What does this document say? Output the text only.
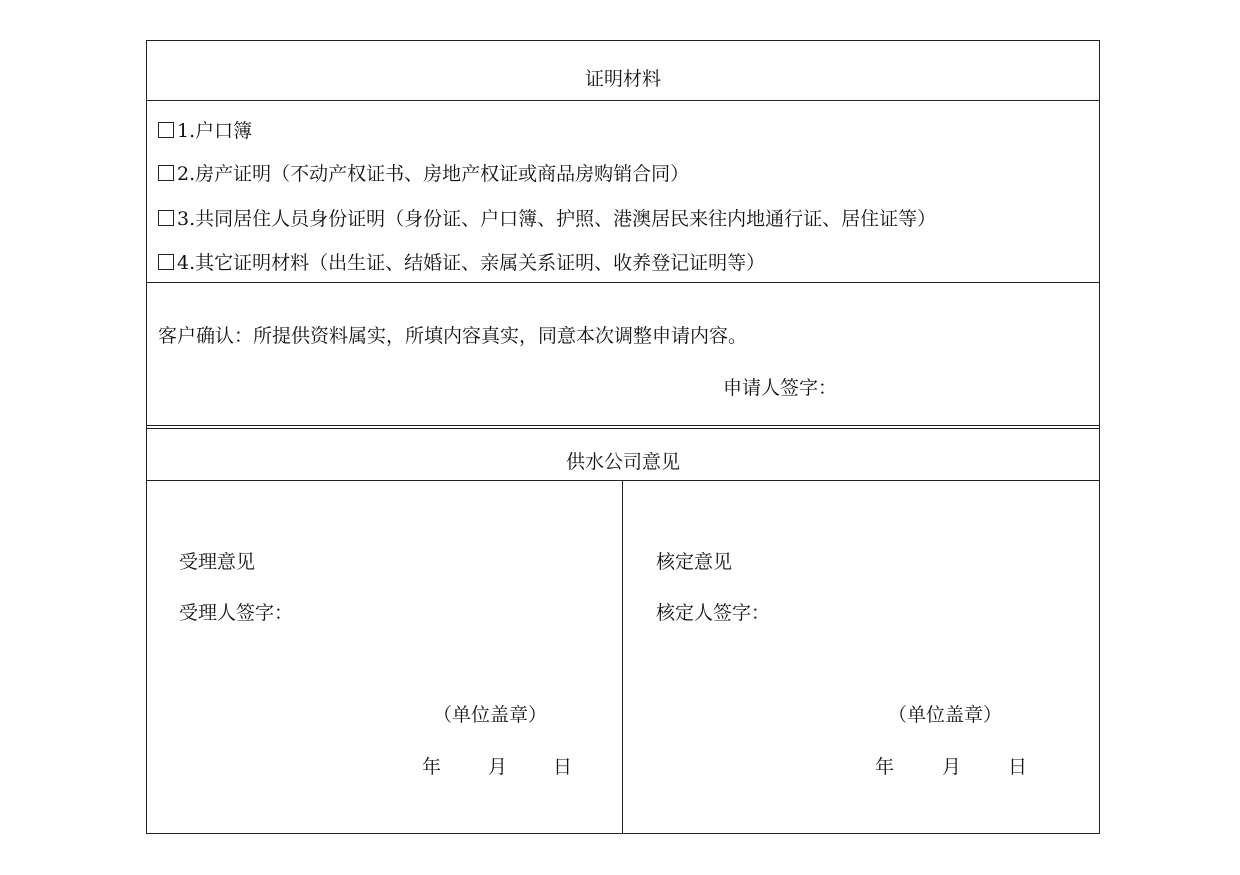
证明材料
1.户口簿
2.房产证明（不动产权证书、房地产权证或商品房购销合同）
3.共同居住人员身份证明（身份证、户口簿、护照、港澳居民来往内地通行证、居住证等）
4.其它证明材料（出生证、结婚证、亲属关系证明、收养登记证明等）
客户确认：所提供资料属实，所填内容真实，同意本次调整申请内容。
申请人签字：
供水公司意见
受理意见
受理人签字：
（单位盖章）
年 月 日
核定意见
核定人签字：
（单位盖章）
年	月 日
